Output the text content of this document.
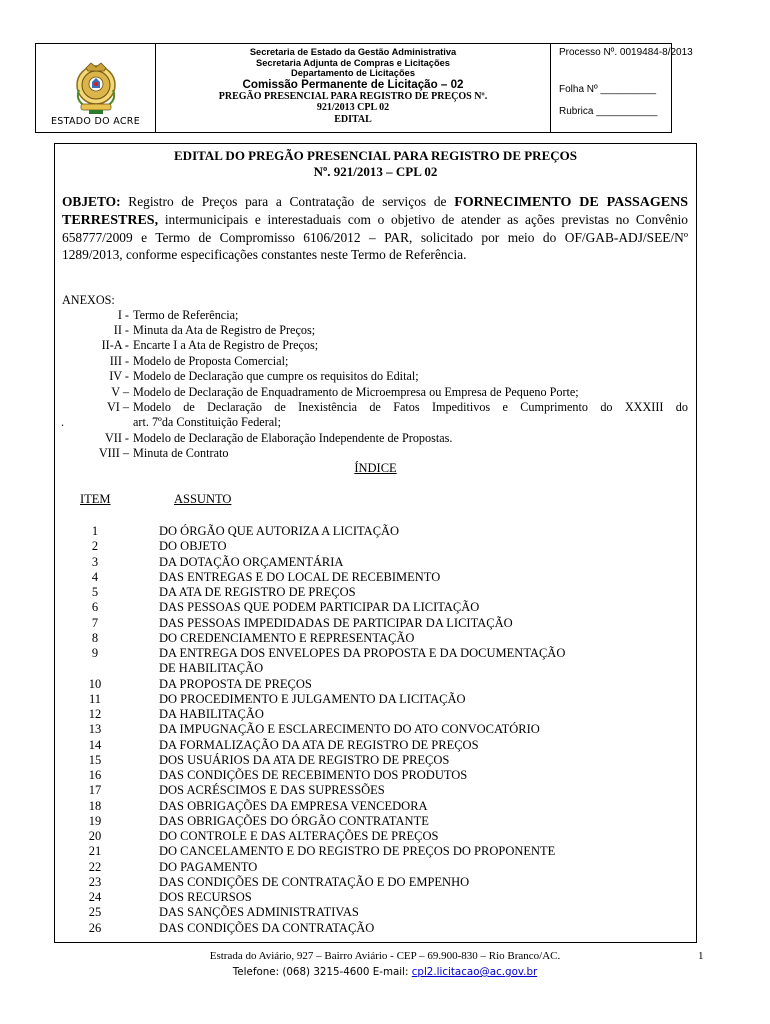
ESTADO DO ACRE
Secretaria de Estado da Gestão Administrativa
Secretaria Adjunta de Compras e Licitações
Departamento de Licitações
Comissão Permanente de Licitação – 02
PREGÃO PRESENCIAL PARA REGISTRO DE PREÇOS Nº.
921/2013 CPL 02
EDITAL
Processo Nº. 0019484-8/2013
Folha Nº __________
Rubrica ___________
EDITAL DO PREGÃO PRESENCIAL PARA REGISTRO DE PREÇOS
Nº. 921/2013 – CPL 02
OBJETO: Registro de Preços para a Contratação de serviços de FORNECIMENTO DE PASSAGENS TERRESTRES, intermunicipais e interestaduais com o objetivo de atender as ações previstas no Convênio 658777/2009 e Termo de Compromisso 6106/2012 – PAR, solicitado por meio do OF/GAB-ADJ/SEE/Nº 1289/2013, conforme especificações constantes neste Termo de Referência.
ANEXOS:
I - Termo de Referência;
II - Minuta da Ata de Registro de Preços;
II-A - Encarte I a Ata de Registro de Preços;
III - Modelo de Proposta Comercial;
IV - Modelo de Declaração que cumpre os requisitos do Edital;
V – Modelo de Declaração de Enquadramento de Microempresa ou Empresa de Pequeno Porte;
VI – Modelo de Declaração de Inexistência de Fatos Impeditivos e Cumprimento do XXXIII do
.	art. 7ºda Constituição Federal;
VII - Modelo de Declaração de Elaboração Independente de Propostas.
VIII – Minuta de Contrato
ÍNDICE
ITEM	ASSUNTO
1	DO ÓRGÃO QUE AUTORIZA A LICITAÇÃO
2	DO OBJETO
3	DA DOTAÇÃO ORÇAMENTÁRIA
4	DAS ENTREGAS E DO LOCAL DE RECEBIMENTO
5	DA ATA DE REGISTRO DE PREÇOS
6	DAS PESSOAS QUE PODEM PARTICIPAR DA LICITAÇÃO
7	DAS PESSOAS IMPEDIDADAS DE PARTICIPAR DA LICITAÇÃO
8	DO CREDENCIAMENTO E REPRESENTAÇÃO
9	DA ENTREGA DOS ENVELOPES DA PROPOSTA E DA DOCUMENTAÇÃO
DE HABILITAÇÃO
10	DA PROPOSTA DE PREÇOS
11	DO PROCEDIMENTO E JULGAMENTO DA LICITAÇÃO
12	DA HABILITAÇÃO
13	DA IMPUGNAÇÃO E ESCLARECIMENTO DO ATO CONVOCATÓRIO
14	DA FORMALIZAÇÃO DA ATA DE REGISTRO DE PREÇOS
15	DOS USUÁRIOS DA ATA DE REGISTRO DE PREÇOS
16	DAS CONDIÇÕES DE RECEBIMENTO DOS PRODUTOS
17	DOS ACRÉSCIMOS E DAS SUPRESSÕES
18	DAS OBRIGAÇÕES DA EMPRESA VENCEDORA
19	DAS OBRIGAÇÕES DO ÓRGÃO CONTRATANTE
20	DO CONTROLE E DAS ALTERAÇÕES DE PREÇOS
21	DO CANCELAMENTO E DO REGISTRO DE PREÇOS DO PROPONENTE
22	DO PAGAMENTO
23	DAS CONDIÇÕES DE CONTRATAÇÃO E DO EMPENHO
24	DOS RECURSOS
25	DAS SANÇÕES ADMINISTRATIVAS
26	DAS CONDIÇÕES DA CONTRATAÇÃO
Estrada do Aviário, 927 – Bairro Aviário - CEP – 69.900-830 – Rio Branco/AC.	1
Telefone: (068) 3215-4600 E-mail: cpl2.licitacao@ac.gov.br
